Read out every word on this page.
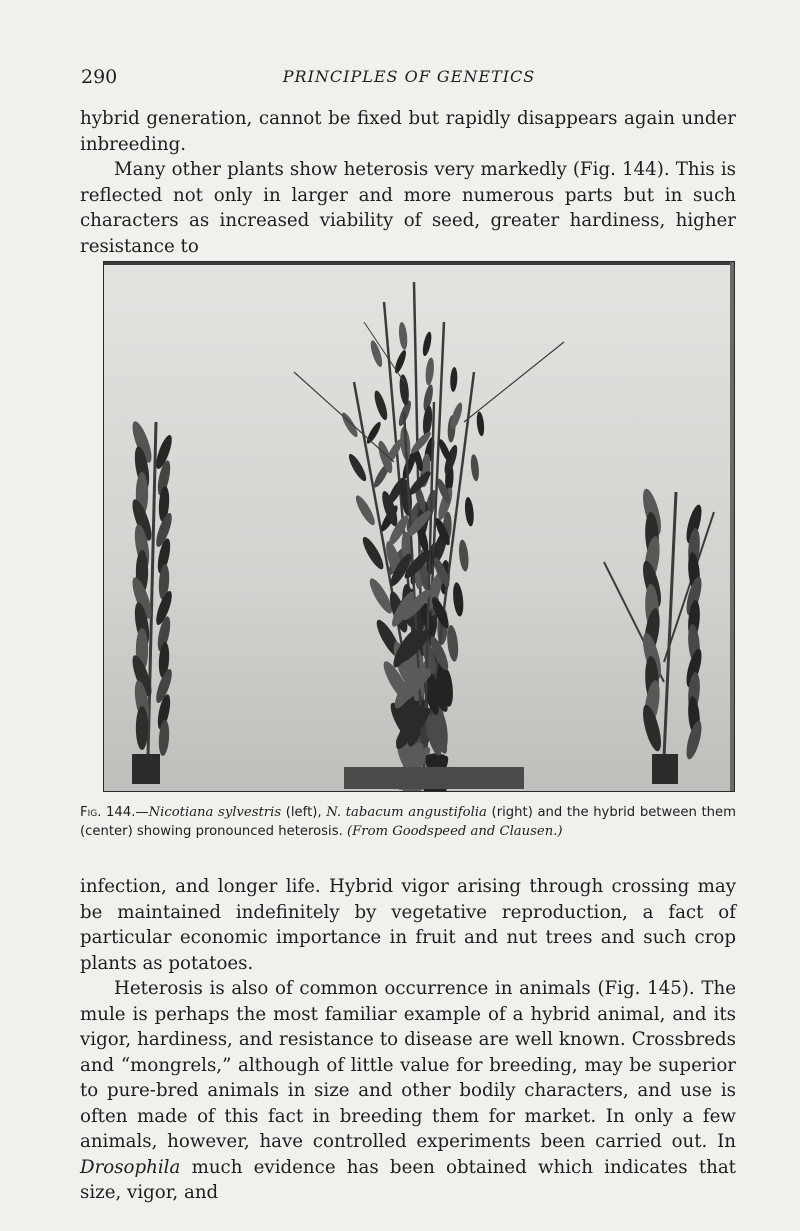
290	PRINCIPLES OF GENETICS

hybrid generation, cannot be fixed but rapidly disappears again under inbreeding.

Many other plants show heterosis very markedly (Fig. 144). This is reflected not only in larger and more numerous parts but in such characters as increased viability of seed, greater hardiness, higher resistance to

Fig. 144.—Nicotiana sylvestris (left), N. tabacum angustifolia (right) and the hybrid between them (center) showing pronounced heterosis. (From Goodspeed and Clausen.)

infection, and longer life. Hybrid vigor arising through crossing may be maintained indefinitely by vegetative reproduction, a fact of particular economic importance in fruit and nut trees and such crop plants as potatoes.

Heterosis is also of common occurrence in animals (Fig. 145). The mule is perhaps the most familiar example of a hybrid animal, and its vigor, hardiness, and resistance to disease are well known. Crossbreds and “mongrels,” although of little value for breeding, may be superior to pure-bred animals in size and other bodily characters, and use is often made of this fact in breeding them for market. In only a few animals, however, have controlled experiments been carried out. In Drosophila much evidence has been obtained which indicates that size, vigor, and
